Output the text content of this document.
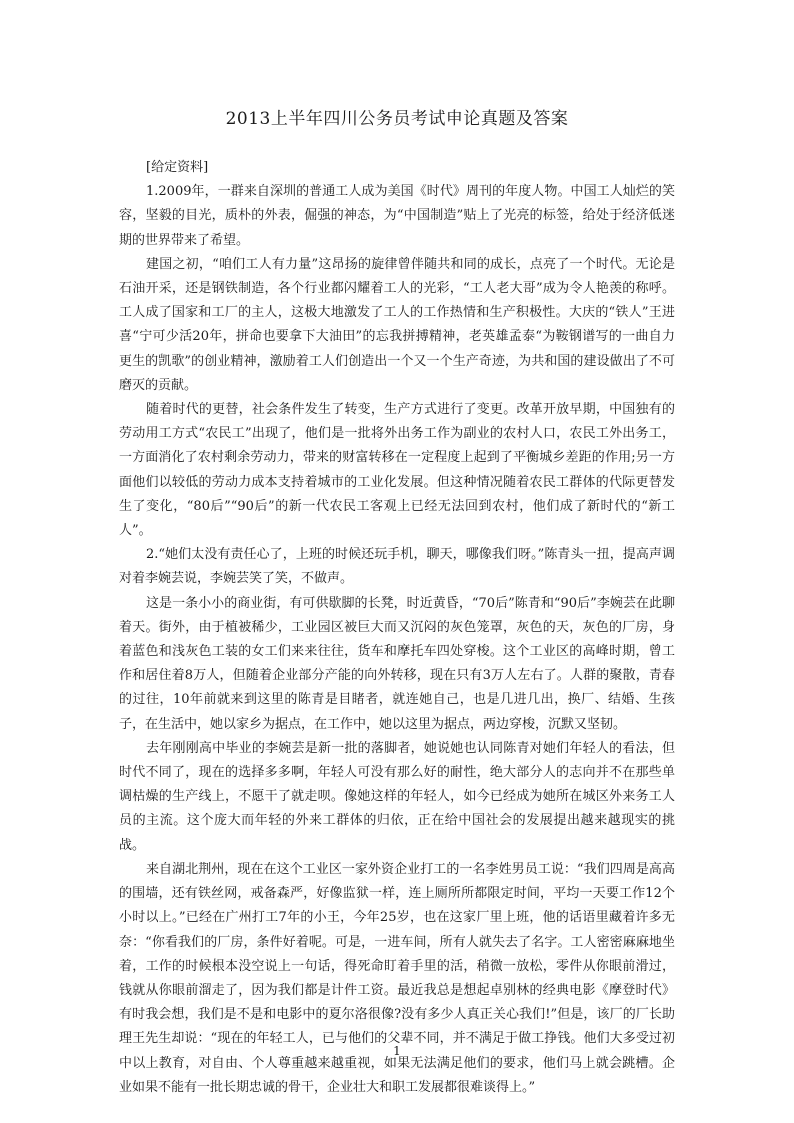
2013上半年四川公务员考试申论真题及答案

[给定资料]

1.2009年，一群来自深圳的普通工人成为美国《时代》周刊的年度人物。中国工人灿烂的笑容，坚毅的目光，质朴的外表，倔强的神态，为“中国制造”贴上了光亮的标签，给处于经济低迷期的世界带来了希望。

建国之初，“咱们工人有力量”这昂扬的旋律曾伴随共和同的成长，点亮了一个时代。无论是石油开采，还是钢铁制造，各个行业都闪耀着工人的光彩，“工人老大哥”成为令人艳羡的称呼。工人成了国家和工厂的主人，这极大地激发了工人的工作热情和生产积极性。大庆的“铁人”王进喜“宁可少活20年，拼命也要拿下大油田”的忘我拼搏精神，老英雄孟泰“为鞍钢谱写的一曲自力更生的凯歌”的创业精神，激励着工人们创造出一个又一个生产奇迹，为共和国的建设做出了不可磨灭的贡献。

随着时代的更替，社会条件发生了转变，生产方式进行了变更。改革开放早期，中国独有的劳动用工方式“农民工”出现了，他们是一批将外出务工作为副业的农村人口，农民工外出务工，一方面消化了农村剩余劳动力，带来的财富转移在一定程度上起到了平衡城乡差距的作用;另一方面他们以较低的劳动力成本支持着城市的工业化发展。但这种情况随着农民工群体的代际更替发生了变化，“80后”“90后”的新一代农民工客观上已经无法回到农村，他们成了新时代的“新工人”。

2.“她们太没有责任心了，上班的时候还玩手机，聊天，哪像我们呀。”陈青头一扭，提高声调对着李婉芸说，李婉芸笑了笑，不做声。

这是一条小小的商业街，有可供歇脚的长凳，时近黄昏，“70后”陈青和“90后”李婉芸在此聊着天。街外，由于植被稀少，工业园区被巨大而又沉闷的灰色笼罩，灰色的天，灰色的厂房，身着蓝色和浅灰色工装的女工们来来往往，货车和摩托车四处穿梭。这个工业区的高峰时期，曾工作和居住着8万人，但随着企业部分产能的向外转移，现在只有3万人左右了。人群的聚散，青春的过往，10年前就来到这里的陈青是目睹者，就连她自己，也是几进几出，换厂、结婚、生孩子，在生活中，她以家乡为据点，在工作中，她以这里为据点，两边穿梭，沉默又坚韧。

去年刚刚高中毕业的李婉芸是新一批的落脚者，她说她也认同陈青对她们年轻人的看法，但时代不同了，现在的选择多多啊，年轻人可没有那么好的耐性，绝大部分人的志向并不在那些单调枯燥的生产线上，不愿干了就走呗。像她这样的年轻人，如今已经成为她所在城区外来务工人员的主流。这个庞大而年轻的外来工群体的归依，正在给中国社会的发展提出越来越现实的挑战。

来自湖北荆州，现在在这个工业区一家外资企业打工的一名李姓男员工说：“我们四周是高高的围墙，还有铁丝网，戒备森严，好像监狱一样，连上厕所所都限定时间，平均一天要工作12个小时以上。”已经在广州打工7年的小王，今年25岁，也在这家厂里上班，他的话语里藏着许多无奈：“你看我们的厂房，条件好着呢。可是，一进车间，所有人就失去了名字。工人密密麻麻地坐着，工作的时候根本没空说上一句话，得死命盯着手里的活，稍微一放松，零件从你眼前滑过，钱就从你眼前溜走了，因为我们都是计件工资。最近我总是想起卓别林的经典电影《摩登时代》有时我会想，我们是不是和电影中的夏尔洛很像?没有多少人真正关心我们!”但是，该厂的厂长助理王先生却说：“现在的年轻工人，已与他们的父辈不同，并不满足于做工挣钱。他们大多受过初中以上教育，对自由、个人尊重越来越重视，如果无法满足他们的要求，他们马上就会跳槽。企业如果不能有一批长期忠诚的骨干，企业壮大和职工发展都很难谈得上。”

1
